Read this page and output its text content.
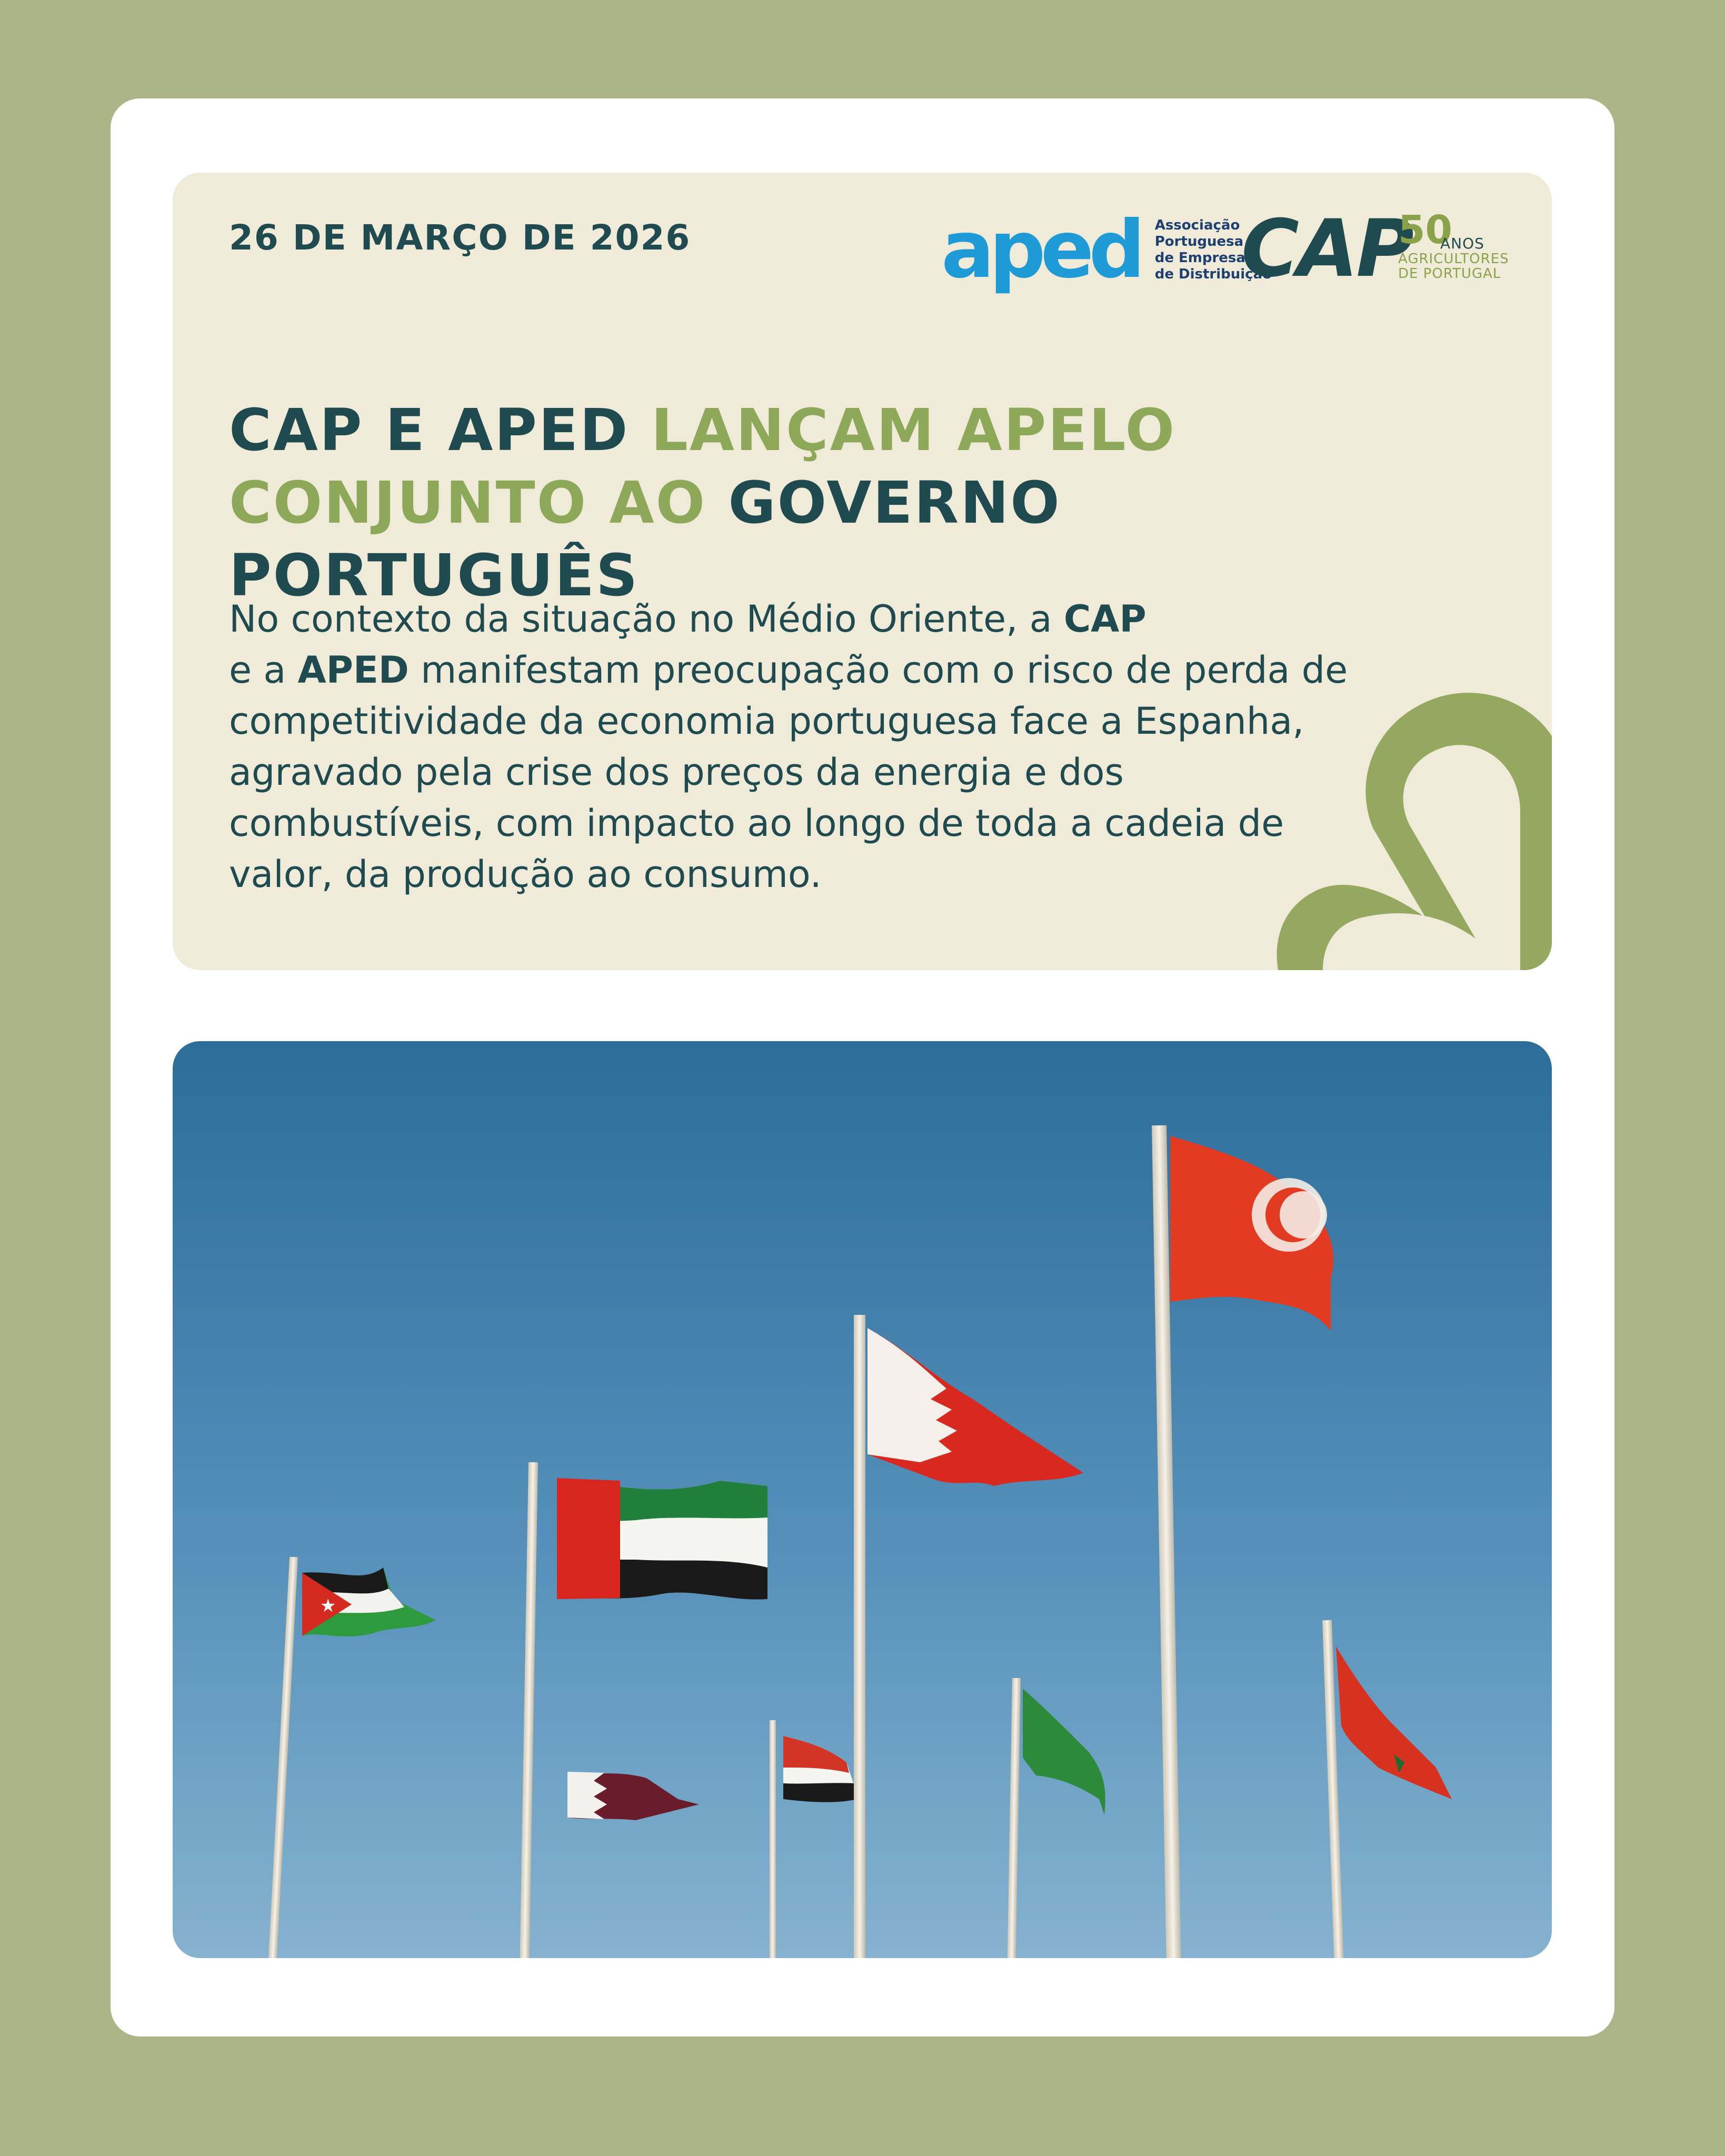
26 DE MARÇO DE 2026	aped Associação
Portuguesa
de Empresas
de Distribuição
CAP
50
ANOS
AGRICULTORES
DE PORTUGAL
CAP E APED LANÇAM APELO
CONJUNTO AO GOVERNO PORTUGUÊS

No contexto da situação no Médio Oriente, a CAP
e a APED manifestam preocupação com o risco de perda de competitividade da economia portuguesa face a Espanha, agravado pela crise dos preços da energia e dos combustíveis, com impacto ao longo de toda a cadeia de valor, da produção ao consumo.

★
